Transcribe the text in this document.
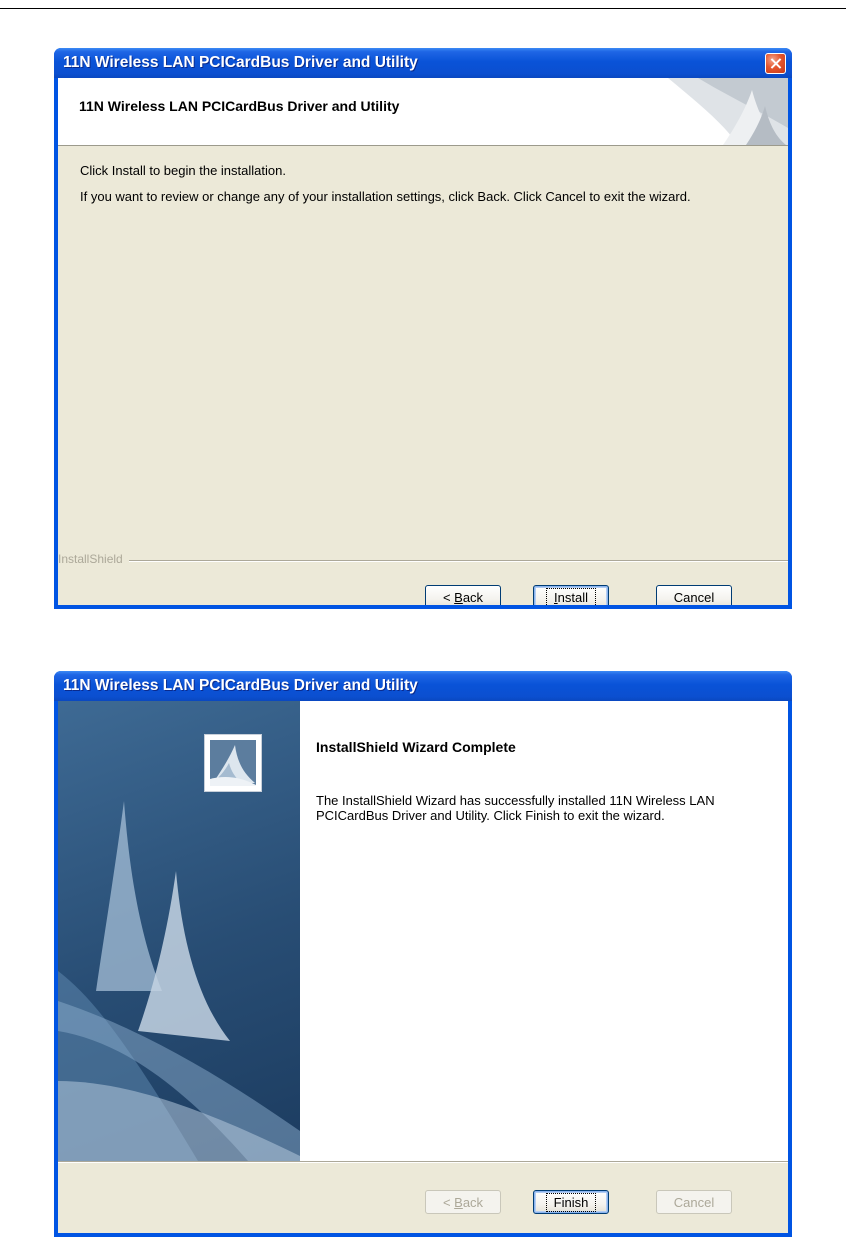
11N Wireless LAN PCICardBus Driver and Utility
11N Wireless LAN PCICardBus Driver and Utility
Click Install to begin the installation.
If you want to review or change any of your installation settings, click Back. Click Cancel to exit the wizard.
InstallShield
< Back	Install	Cancel
11N Wireless LAN PCICardBus Driver and Utility
InstallShield Wizard Complete
The InstallShield Wizard has successfully installed 11N Wireless LAN PCICardBus Driver and Utility. Click Finish to exit the wizard.
< Back	Finish	Cancel
